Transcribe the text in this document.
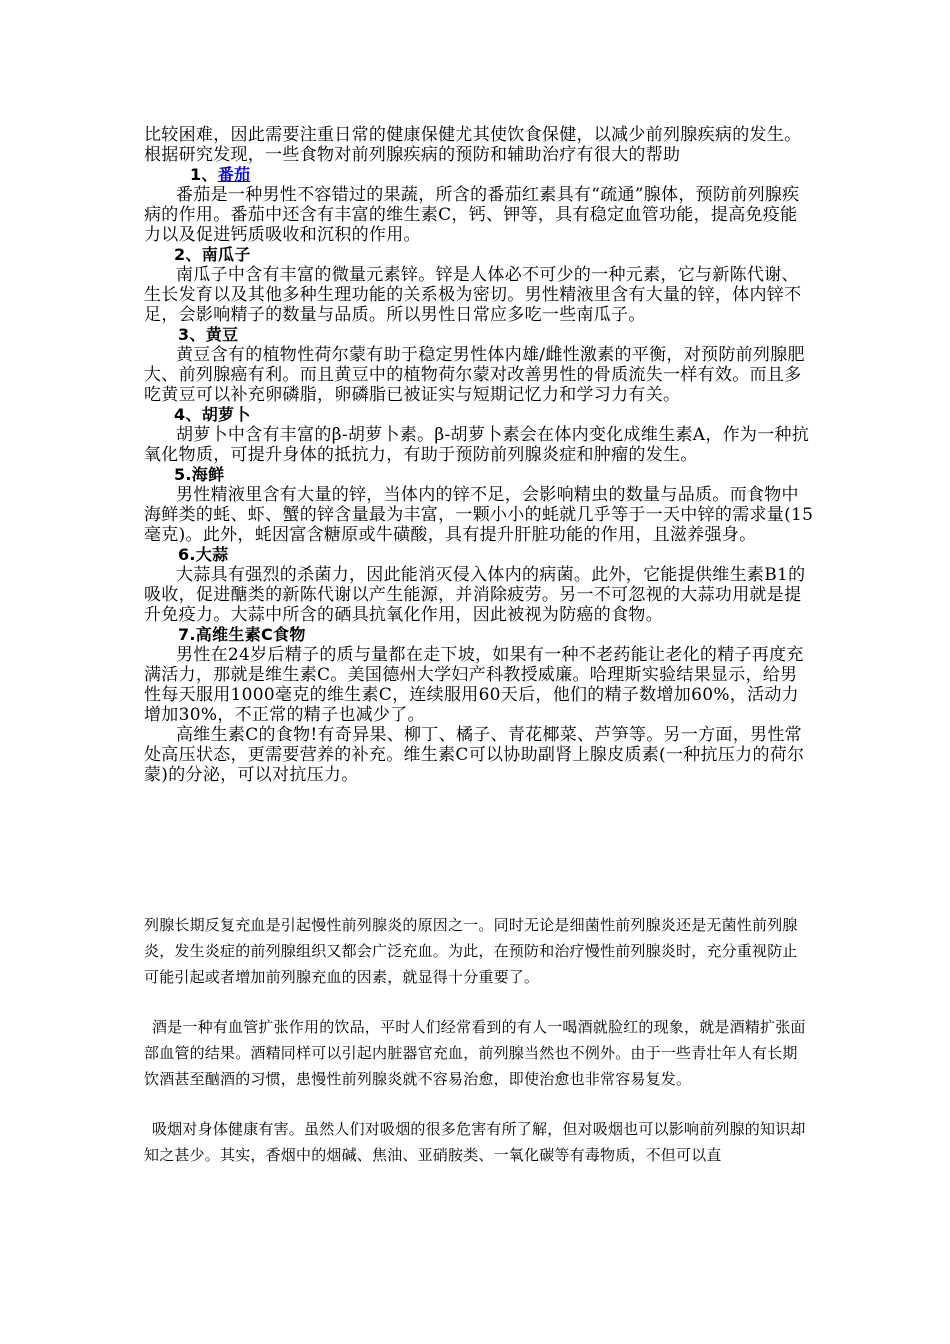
比较困难，因此需要注重日常的健康保健尤其使饮食保健，以减少前列腺疾病的发生。根据研究发现，一些食物对前列腺疾病的预防和辅助治疗有很大的帮助

1、番茄

番茄是一种男性不容错过的果蔬，所含的番茄红素具有“疏通”腺体，预防前列腺疾病的作用。番茄中还含有丰富的维生素C，钙、钾等，具有稳定血管功能，提高免疫能力以及促进钙质吸收和沉积的作用。

2、南瓜子

南瓜子中含有丰富的微量元素锌。锌是人体必不可少的一种元素，它与新陈代谢、生长发育以及其他多种生理功能的关系极为密切。男性精液里含有大量的锌，体内锌不足，会影响精子的数量与品质。所以男性日常应多吃一些南瓜子。

3、黄豆

黄豆含有的植物性荷尔蒙有助于稳定男性体内雄/雌性激素的平衡，对预防前列腺肥大、前列腺癌有利。而且黄豆中的植物荷尔蒙对改善男性的骨质流失一样有效。而且多吃黄豆可以补充卵磷脂，卵磷脂已被证实与短期记忆力和学习力有关。

4、胡萝卜

胡萝卜中含有丰富的β-胡萝卜素。β-胡萝卜素会在体内变化成维生素A，作为一种抗氧化物质，可提升身体的抵抗力，有助于预防前列腺炎症和肿瘤的发生。

5.海鲜

男性精液里含有大量的锌，当体内的锌不足，会影响精虫的数量与品质。而食物中海鲜类的蚝、虾、蟹的锌含量最为丰富，一颗小小的蚝就几乎等于一天中锌的需求量(15毫克)。此外，蚝因富含糖原或牛磺酸，具有提升肝脏功能的作用，且滋养强身。

6.大蒜

大蒜具有强烈的杀菌力，因此能消灭侵入体内的病菌。此外，它能提供维生素B1的吸收，促进醣类的新陈代谢以产生能源，并消除疲劳。另一不可忽视的大蒜功用就是提升免疫力。大蒜中所含的硒具抗氧化作用，因此被视为防癌的食物。

7.高维生素C食物

男性在24岁后精子的质与量都在走下坡，如果有一种不老药能让老化的精子再度充满活力，那就是维生素C。美国德州大学妇产科教授威廉。哈理斯实验结果显示，给男性每天服用1000毫克的维生素C，连续服用60天后，他们的精子数增加60%，活动力增加30%，不正常的精子也减少了。

高维生素C的食物!有奇异果、柳丁、橘子、青花椰菜、芦笋等。另一方面，男性常处高压状态，更需要营养的补充。维生素C可以协助副肾上腺皮质素(一种抗压力的荷尔蒙)的分泌，可以对抗压力。

列腺长期反复充血是引起慢性前列腺炎的原因之一。同时无论是细菌性前列腺炎还是无菌性前列腺炎，发生炎症的前列腺组织又都会广泛充血。为此，在预防和治疗慢性前列腺炎时，充分重视防止可能引起或者增加前列腺充血的因素，就显得十分重要了。

酒是一种有血管扩张作用的饮品，平时人们经常看到的有人一喝酒就脸红的现象，就是酒精扩张面部血管的结果。酒精同样可以引起内脏器官充血，前列腺当然也不例外。由于一些青壮年人有长期饮酒甚至酗酒的习惯，患慢性前列腺炎就不容易治愈，即使治愈也非常容易复发。

吸烟对身体健康有害。虽然人们对吸烟的很多危害有所了解，但对吸烟也可以影响前列腺的知识却知之甚少。其实，香烟中的烟碱、焦油、亚硝胺类、一氧化碳等有毒物质，不但可以直
